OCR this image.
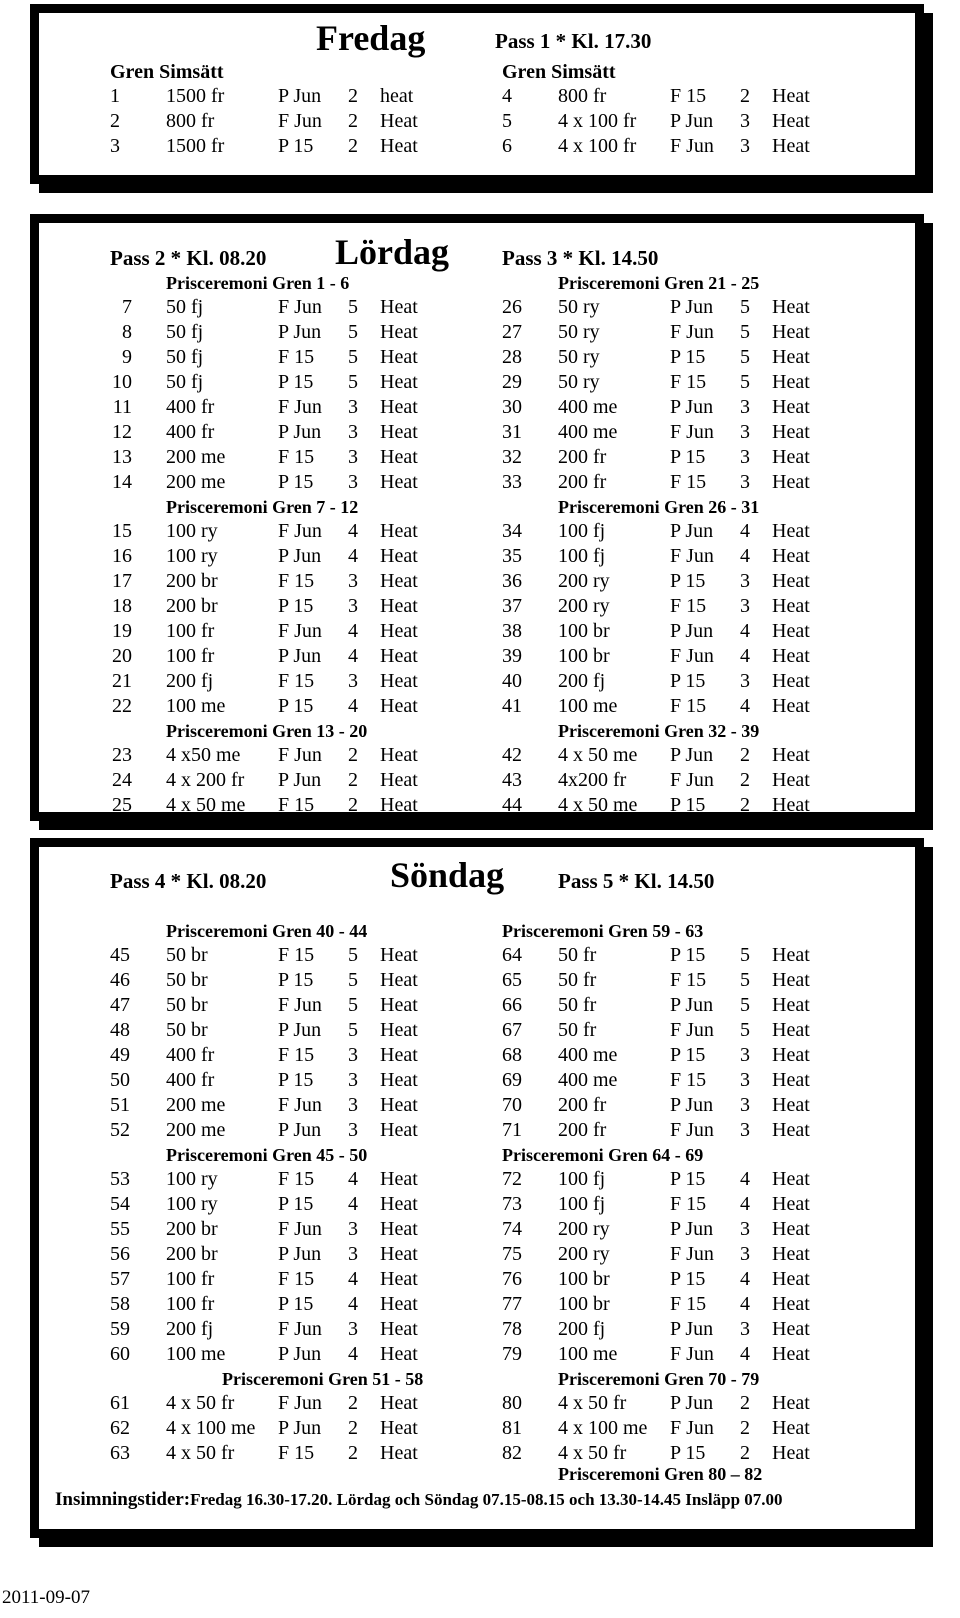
Fredag	Pass 1 * Kl. 17.30
Gren Simsätt	Gren Simsätt
1 1500 fr	P Jun 2 heat
2 800 fr	F Jun 2 Heat
3 1500 fr	P 15 2 Heat
4 800 fr	F 15 2 Heat
5 4 x 100 fr P Jun 3 Heat
6 4 x 100 fr F Jun 3 Heat
Pass 2 * Kl. 08.20 Lördag	Pass 3 * Kl. 14.50
Prisceremoni Gren 1 - 6
7 50 fj	F Jun 5 Heat
8 50 fj	P Jun 5 Heat
9 50 fj	F 15 5 Heat
10 50 fj	P 15 5 Heat
11 400 fr	F Jun 3 Heat
12 400 fr	P Jun 3 Heat
13 200 me	F 15 3 Heat
14 200 me	P 15 3 Heat
Prisceremoni Gren 7 - 12
15 100 ry	F Jun 4 Heat
16 100 ry	P Jun 4 Heat
17 200 br	F 15 3 Heat
18 200 br	P 15 3 Heat
19 100 fr	F Jun 4 Heat
20 100 fr	P Jun 4 Heat
21 200 fj	F 15 3 Heat
22 100 me	P 15 4 Heat
Prisceremoni Gren 13 - 20
23 4 x50 me F Jun 2 Heat
24 4 x 200 fr P Jun 2 Heat
25 4 x 50 me F 15 2 Heat
Prisceremoni Gren 21 - 25
26 50 ry	P Jun 5 Heat
27 50 ry	F Jun 5 Heat
28 50 ry	P 15 5 Heat
29 50 ry	F 15 5 Heat
30 400 me	P Jun 3 Heat
31 400 me	F Jun 3 Heat
32 200 fr	P 15 3 Heat
33 200 fr	F 15 3 Heat
Prisceremoni Gren 26 - 31
34 100 fj	P Jun 4 Heat
35 100 fj	F Jun 4 Heat
36 200 ry	P 15 3 Heat
37 200 ry	F 15 3 Heat
38 100 br	P Jun 4 Heat
39 100 br	F Jun 4 Heat
40 200 fj	P 15 3 Heat
41 100 me	F 15 4 Heat
Prisceremoni Gren 32 - 39
42 4 x 50 me P Jun 2 Heat
43 4x200 fr F Jun 2 Heat
44 4 x 50 me P 15 2 Heat
Pass 4 * Kl. 08.20	Söndag	Pass 5 * Kl. 14.50
Prisceremoni Gren 40 - 44
45 50 br	F 15 5 Heat
46 50 br	P 15 5 Heat
47 50 br	F Jun 5 Heat
48 50 br	P Jun 5 Heat
49 400 fr	F 15 3 Heat
50 400 fr	P 15 3 Heat
51 200 me	F Jun 3 Heat
52 200 me	P Jun 3 Heat
Prisceremoni Gren 45 - 50
53 100 ry	F 15 4 Heat
54 100 ry	P 15 4 Heat
55 200 br	F Jun 3 Heat
56 200 br	P Jun 3 Heat
57 100 fr	F 15 4 Heat
58 100 fr	P 15 4 Heat
59 200 fj	F Jun 3 Heat
60 100 me	P Jun 4 Heat
Prisceremoni Gren 51 - 58
61 4 x 50 fr F Jun 2 Heat
62 4 x 100 me P Jun 2 Heat
63 4 x 50 fr F 15 2 Heat
Prisceremoni Gren 59 - 63
64 50 fr	P 15 5 Heat
65 50 fr	F 15 5 Heat
66 50 fr	P Jun 5 Heat
67 50 fr	F Jun 5 Heat
68 400 me	P 15 3 Heat
69 400 me	F 15 3 Heat
70 200 fr	P Jun 3 Heat
71 200 fr	F Jun 3 Heat
Prisceremoni Gren 64 - 69
72 100 fj	P 15 4 Heat
73 100 fj	F 15 4 Heat
74 200 ry	P Jun 3 Heat
75 200 ry	F Jun 3 Heat
76 100 br	P 15 4 Heat
77 100 br	F 15 4 Heat
78 200 fj	P Jun 3 Heat
79 100 me	F Jun 4 Heat
Prisceremoni Gren 70 - 79
80 4 x 50 fr P Jun 2 Heat
81 4 x 100 me F Jun 2 Heat
82 4 x 50 fr P 15 2 Heat
Prisceremoni Gren 80 – 82
Insimningstider:Fredag 16.30-17.20. Lördag och Söndag 07.15-08.15 och 13.30-14.45 Insläpp 07.00
2011-09-07
